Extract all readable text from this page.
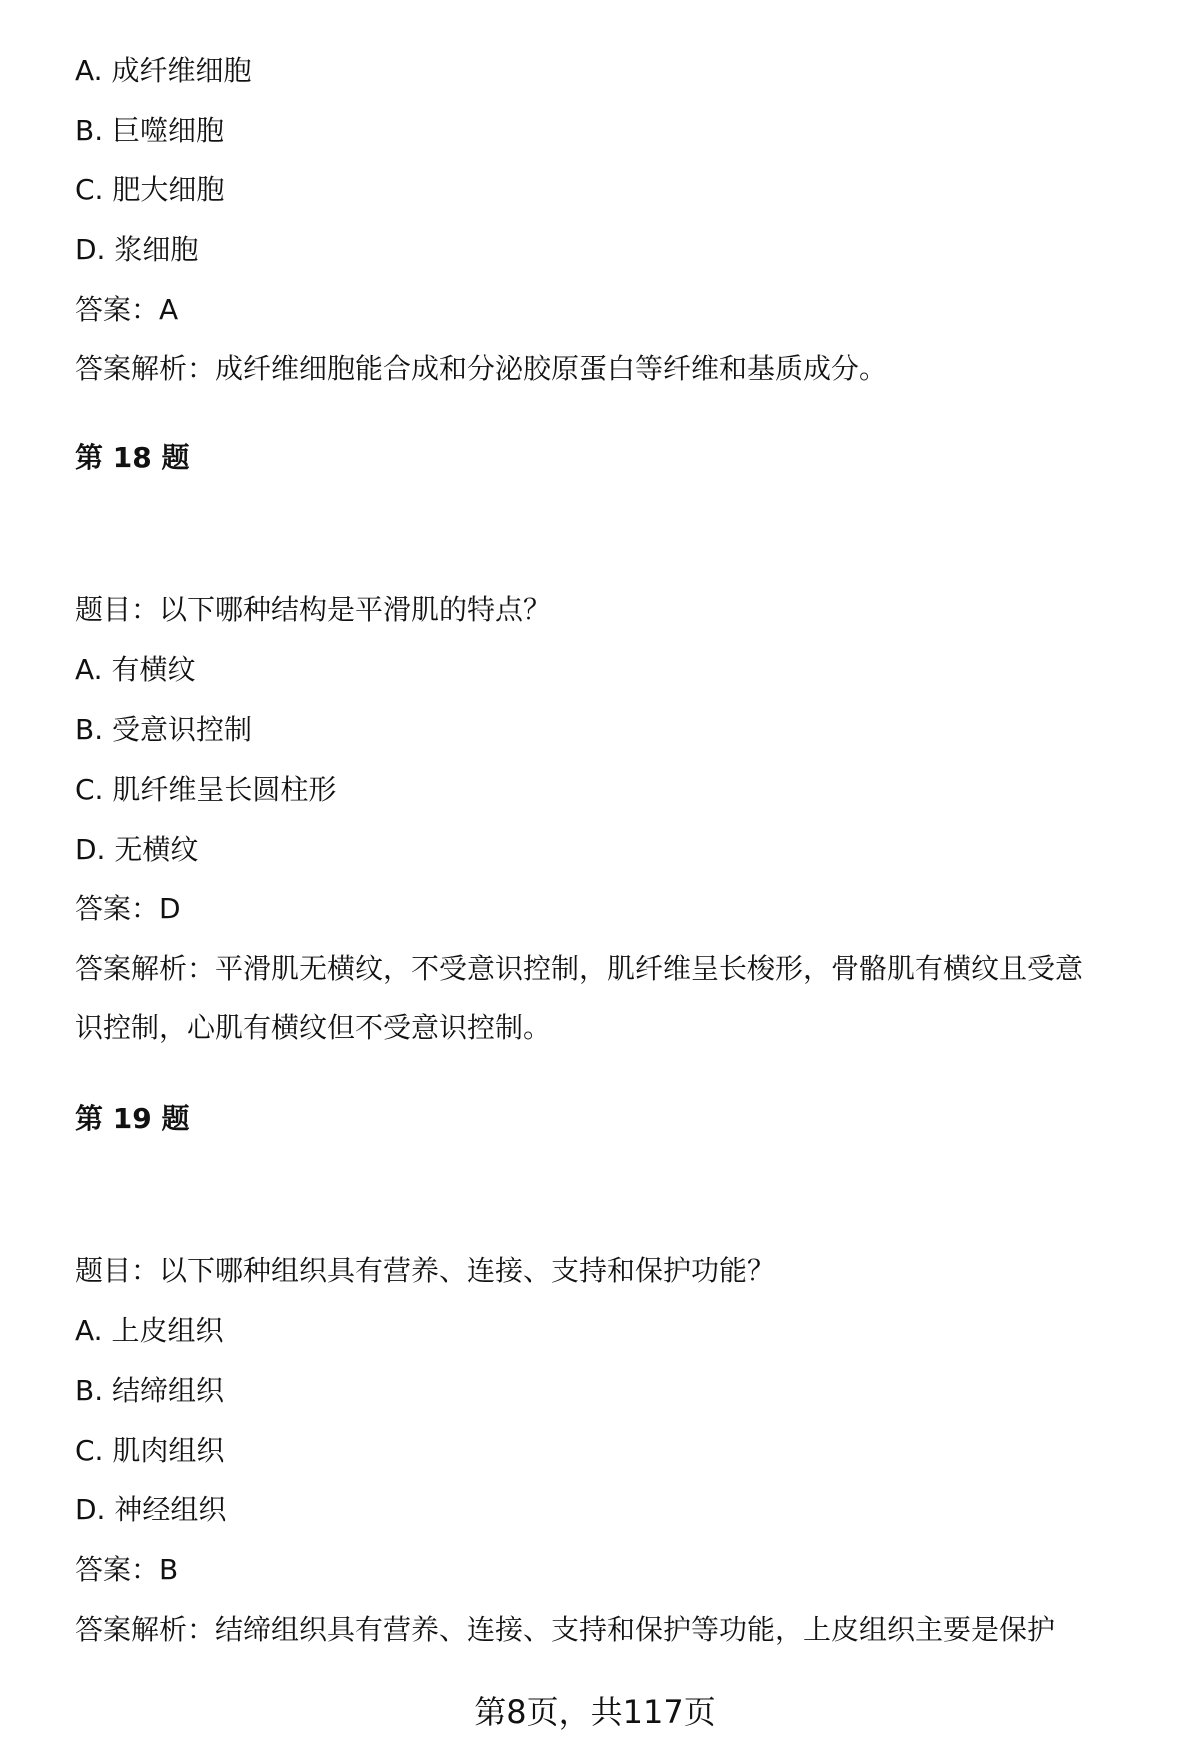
A. 成纤维细胞
B. 巨噬细胞
C. 肥大细胞
D. 浆细胞
答案：A
答案解析：成纤维细胞能合成和分泌胶原蛋白等纤维和基质成分。
第 18 题
题目：以下哪种结构是平滑肌的特点？
A. 有横纹
B. 受意识控制
C. 肌纤维呈长圆柱形
D. 无横纹
答案：D
答案解析：平滑肌无横纹，不受意识控制，肌纤维呈长梭形，骨骼肌有横纹且受意
识控制，心肌有横纹但不受意识控制。
第 19 题
题目：以下哪种组织具有营养、连接、支持和保护功能？
A. 上皮组织
B. 结缔组织
C. 肌肉组织
D. 神经组织
答案：B
答案解析：结缔组织具有营养、连接、支持和保护等功能，上皮组织主要是保护
第8页，共117页
